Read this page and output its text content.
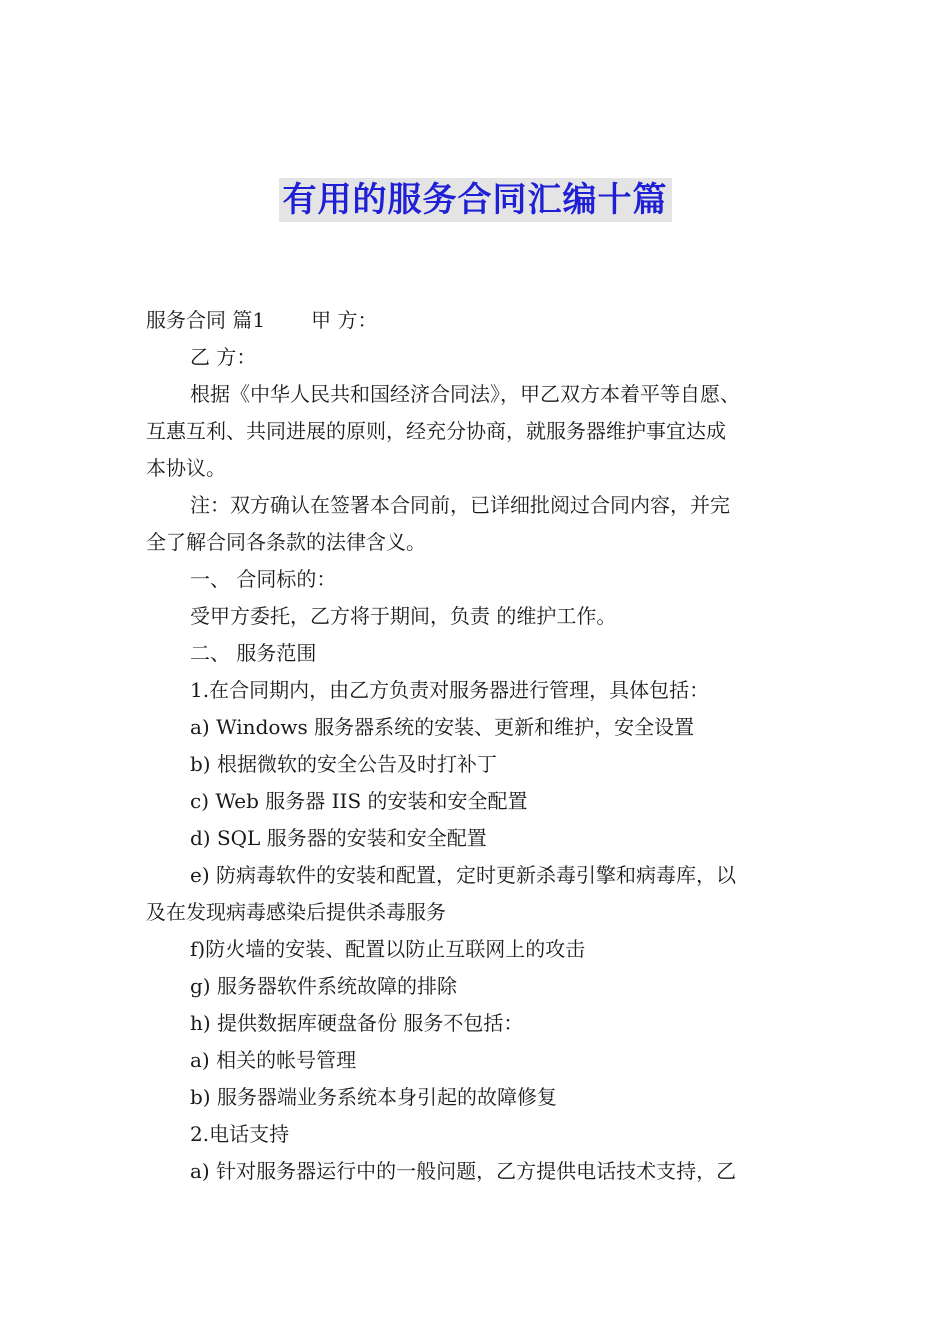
有用的服务合同汇编十篇
服务合同 篇1 甲 方：
乙 方：
根据《中华人民共和国经济合同法》，甲乙双方本着平等自愿、
互惠互利、共同进展的原则，经充分协商，就服务器维护事宜达成
本协议。
注：双方确认在签署本合同前，已详细批阅过合同内容，并完
全了解合同各条款的法律含义。
一、 合同标的：
受甲方委托，乙方将于期间，负责 的维护工作。
二、 服务范围
1.在合同期内，由乙方负责对服务器进行管理，具体包括：
a) Windows 服务器系统的安装、更新和维护，安全设置
b) 根据微软的安全公告及时打补丁
c) Web 服务器 IIS 的安装和安全配置
d) SQL 服务器的安装和安全配置
e) 防病毒软件的安装和配置，定时更新杀毒引擎和病毒库，以
及在发现病毒感染后提供杀毒服务
f)防火墙的安装、配置以防止互联网上的攻击
g) 服务器软件系统故障的排除
h) 提供数据库硬盘备份 服务不包括：
a) 相关的帐号管理
b) 服务器端业务系统本身引起的故障修复
2.电话支持
a) 针对服务器运行中的一般问题，乙方提供电话技术支持，乙
